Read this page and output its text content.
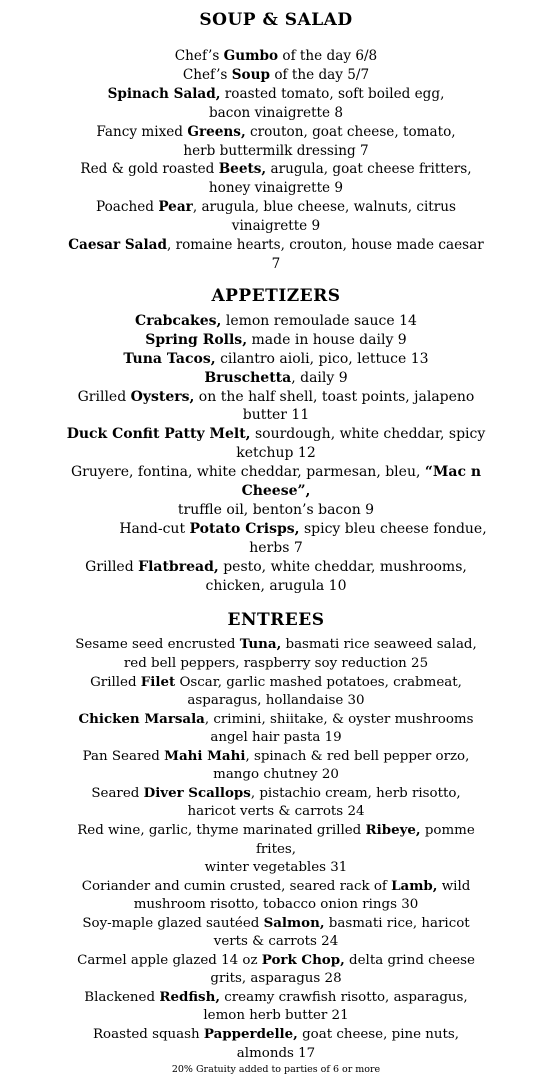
SOUP & SALAD
Chef’s Gumbo of the day 6/8
Chef’s Soup of the day 5/7
Spinach Salad, roasted tomato, soft boiled egg,
bacon vinaigrette 8
Fancy mixed Greens, crouton, goat cheese, tomato,
herb buttermilk dressing 7
Red & gold roasted Beets, arugula, goat cheese fritters,
honey vinaigrette 9
Poached Pear, arugula, blue cheese, walnuts, citrus
vinaigrette 9
Caesar Salad, romaine hearts, crouton, house made caesar
7
APPETIZERS
Crabcakes, lemon remoulade sauce 14
Spring Rolls, made in house daily 9
Tuna Tacos, cilantro aioli, pico, lettuce 13
Bruschetta, daily 9
Grilled Oysters, on the half shell, toast points, jalapeno
butter 11
Duck Confit Patty Melt, sourdough, white cheddar, spicy
ketchup 12
Gruyere, fontina, white cheddar, parmesan, bleu, “Mac n
Cheese”,
truffle oil, benton’s bacon 9
Hand-cut Potato Crisps, spicy bleu cheese fondue,
herbs 7
Grilled Flatbread, pesto, white cheddar, mushrooms,
chicken, arugula 10
ENTREES
Sesame seed encrusted Tuna, basmati rice seaweed salad,
red bell peppers, raspberry soy reduction 25
Grilled Filet Oscar, garlic mashed potatoes, crabmeat,
asparagus, hollandaise 30
Chicken Marsala, crimini, shiitake, & oyster mushrooms
angel hair pasta 19
Pan Seared Mahi Mahi, spinach & red bell pepper orzo,
mango chutney 20
Seared Diver Scallops, pistachio cream, herb risotto,
haricot verts & carrots 24
Red wine, garlic, thyme marinated grilled Ribeye, pomme
frites,
winter vegetables 31
Coriander and cumin crusted, seared rack of Lamb, wild
mushroom risotto, tobacco onion rings 30
Soy-maple glazed sautéed Salmon, basmati rice, haricot
verts & carrots 24
Carmel apple glazed 14 oz Pork Chop, delta grind cheese
grits, asparagus 28
Blackened Redfish, creamy crawfish risotto, asparagus,
lemon herb butter 21
Roasted squash Papperdelle, goat cheese, pine nuts,
almonds 17
20% Gratuity added to parties of 6 or more
